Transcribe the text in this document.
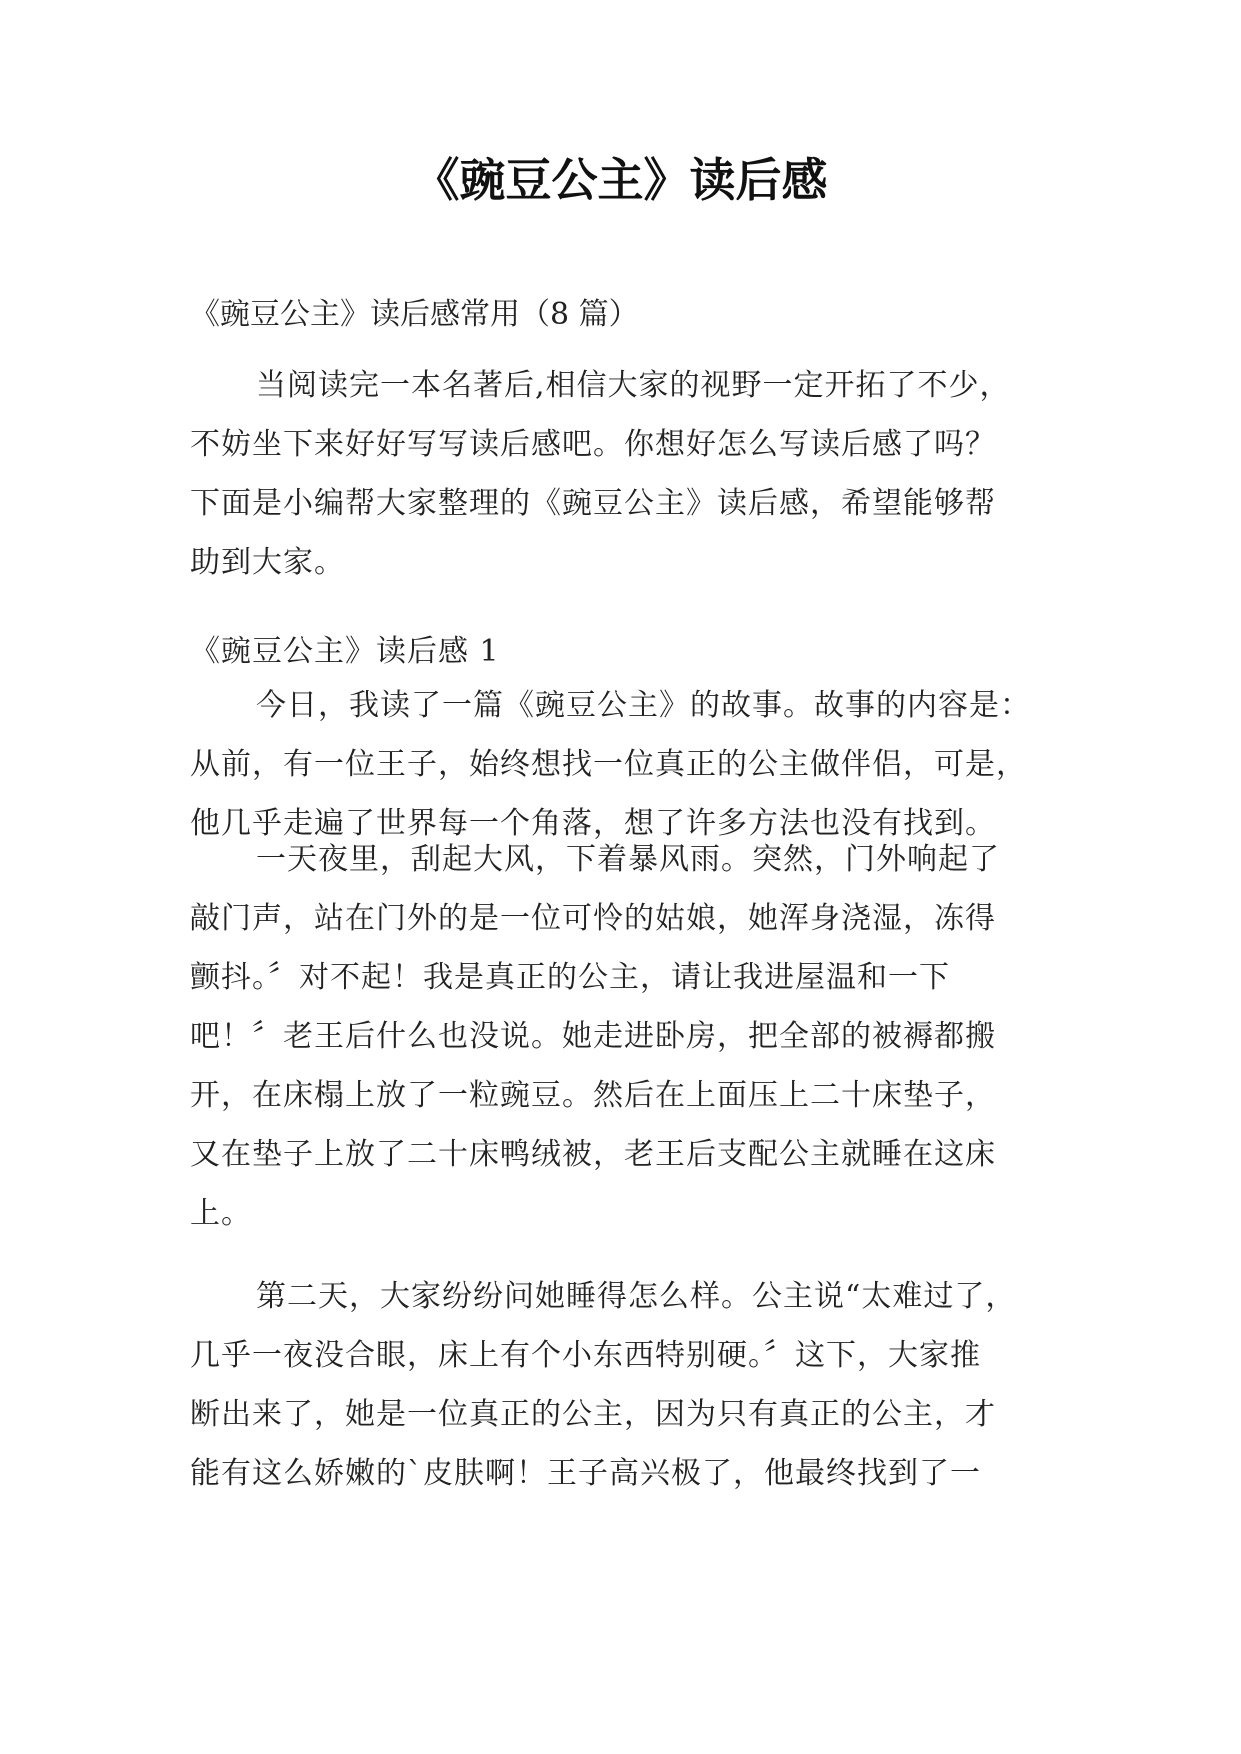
《豌豆公主》读后感
《豌豆公主》读后感常用（8 篇）
当阅读完一本名著后,相信大家的视野一定开拓了不少，
不妨坐下来好好写写读后感吧。你想好怎么写读后感了吗？
下面是小编帮大家整理的《豌豆公主》读后感，希望能够帮
助到大家。
《豌豆公主》读后感 1
今日，我读了一篇《豌豆公主》的故事。故事的内容是：
从前，有一位王子，始终想找一位真正的公主做伴侣，可是，
他几乎走遍了世界每一个角落，想了许多方法也没有找到。
一天夜里，刮起大风，下着暴风雨。突然，门外响起了
敲门声，站在门外的是一位可怜的姑娘，她浑身浇湿，冻得
颤抖。〞对不起！我是真正的公主，请让我进屋温和一下
吧！〞老王后什么也没说。她走进卧房，把全部的被褥都搬
开，在床榻上放了一粒豌豆。然后在上面压上二十床垫子，
又在垫子上放了二十床鸭绒被，老王后支配公主就睡在这床
上。
第二天，大家纷纷问她睡得怎么样。公主说“太难过了，
几乎一夜没合眼，床上有个小东西特别硬。〞这下，大家推
断出来了，她是一位真正的公主，因为只有真正的公主，才
能有这么娇嫩的`皮肤啊！王子高兴极了，他最终找到了一
